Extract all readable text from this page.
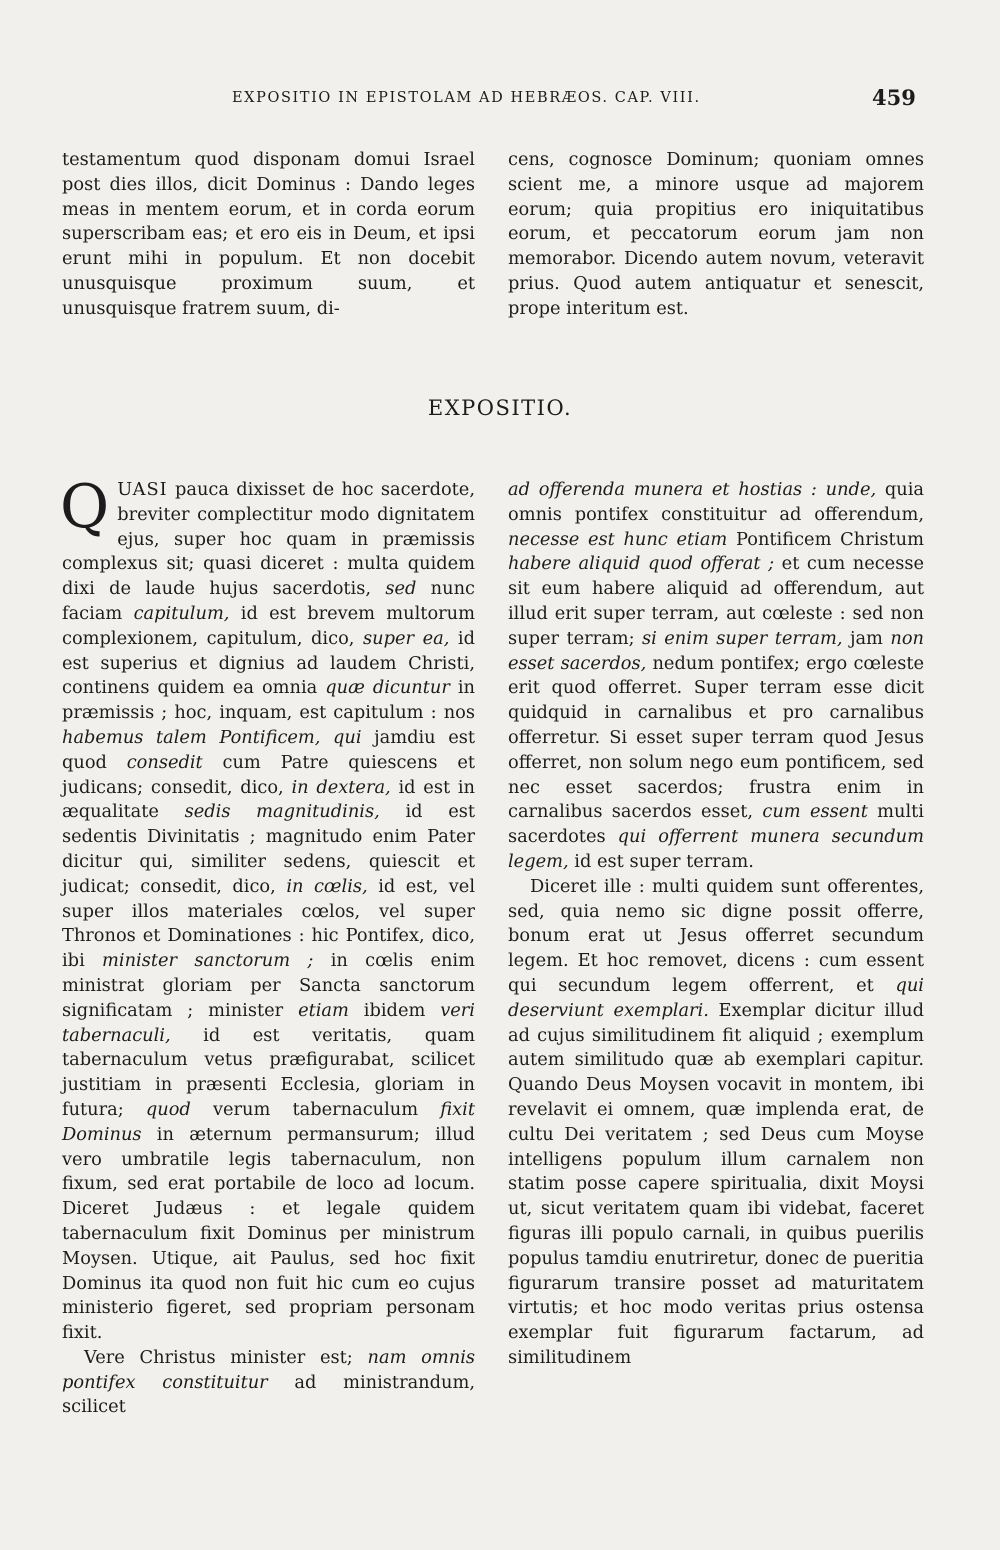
EXPOSITIO IN EPISTOLAM AD HEBRÆOS. CAP. VIII.	459

testamentum quod disponam domui Israel post dies illos, dicit Dominus : Dando leges meas in mentem eorum, et in corda eorum superscribam eas; et ero eis in Deum, et ipsi erunt mihi in populum. Et non docebit unusquisque proximum suum, et unusquisque fratrem suum, di-

cens, cognosce Dominum; quoniam omnes scient me, a minore usque ad majorem eorum; quia propitius ero iniquitatibus eorum, et peccatorum eorum jam non memorabor. Dicendo autem novum, veteravit prius. Quod autem antiquatur et senescit, prope interitum est.

EXPOSITIO.

QUASI pauca dixisset de hoc sacerdote, breviter complectitur modo dignitatem ejus, super hoc quam in præmissis complexus sit; quasi diceret : multa quidem dixi de laude hujus sacerdotis, sed nunc faciam capitulum, id est brevem multorum complexionem, capitulum, dico, super ea, id est superius et dignius ad laudem Christi, continens quidem ea omnia quæ dicuntur in præmissis ; hoc, inquam, est capitulum : nos habemus talem Pontificem, qui jamdiu est quod consedit cum Patre quiescens et judicans; consedit, dico, in dextera, id est in æqualitate sedis magnitudinis, id est sedentis Divinitatis ; magnitudo enim Pater dicitur qui, similiter sedens, quiescit et judicat; consedit, dico, in cœlis, id est, vel super illos materiales cœlos, vel super Thronos et Dominationes : hic Pontifex, dico, ibi minister sanctorum ; in cœlis enim ministrat gloriam per Sancta sanctorum significatam ; minister etiam ibidem veri tabernaculi, id est veritatis, quam tabernaculum vetus præfigurabat, scilicet justitiam in præsenti Ecclesia, gloriam in futura; quod verum tabernaculum fixit Dominus in æternum permansurum; illud vero umbratile legis tabernaculum, non fixum, sed erat portabile de loco ad locum. Diceret Judæus : et legale quidem tabernaculum fixit Dominus per ministrum Moysen. Utique, ait Paulus, sed hoc fixit Dominus ita quod non fuit hic cum eo cujus ministerio figeret, sed propriam personam fixit.

Vere Christus minister est; nam omnis pontifex constituitur ad ministrandum, scilicet

ad offerenda munera et hostias : unde, quia omnis pontifex constituitur ad offerendum, necesse est hunc etiam Pontificem Christum habere aliquid quod offerat ; et cum necesse sit eum habere aliquid ad offerendum, aut illud erit super terram, aut cœleste : sed non super terram; si enim super terram, jam non esset sacerdos, nedum pontifex; ergo cœleste erit quod offerret. Super terram esse dicit quidquid in carnalibus et pro carnalibus offerretur. Si esset super terram quod Jesus offerret, non solum nego eum pontificem, sed nec esset sacerdos; frustra enim in carnalibus sacerdos esset, cum essent multi sacerdotes qui offerrent munera secundum legem, id est super terram.

Diceret ille : multi quidem sunt offerentes, sed, quia nemo sic digne possit offerre, bonum erat ut Jesus offerret secundum legem. Et hoc removet, dicens : cum essent qui secundum legem offerrent, et qui deserviunt exemplari. Exemplar dicitur illud ad cujus similitudinem fit aliquid ; exemplum autem similitudo quæ ab exemplari capitur. Quando Deus Moysen vocavit in montem, ibi revelavit ei omnem, quæ implenda erat, de cultu Dei veritatem ; sed Deus cum Moyse intelligens populum illum carnalem non statim posse capere spiritualia, dixit Moysi ut, sicut veritatem quam ibi videbat, faceret figuras illi populo carnali, in quibus puerilis populus tamdiu enutriretur, donec de pueritia figurarum transire posset ad maturitatem virtutis; et hoc modo veritas prius ostensa exemplar fuit figurarum factarum, ad similitudinem
